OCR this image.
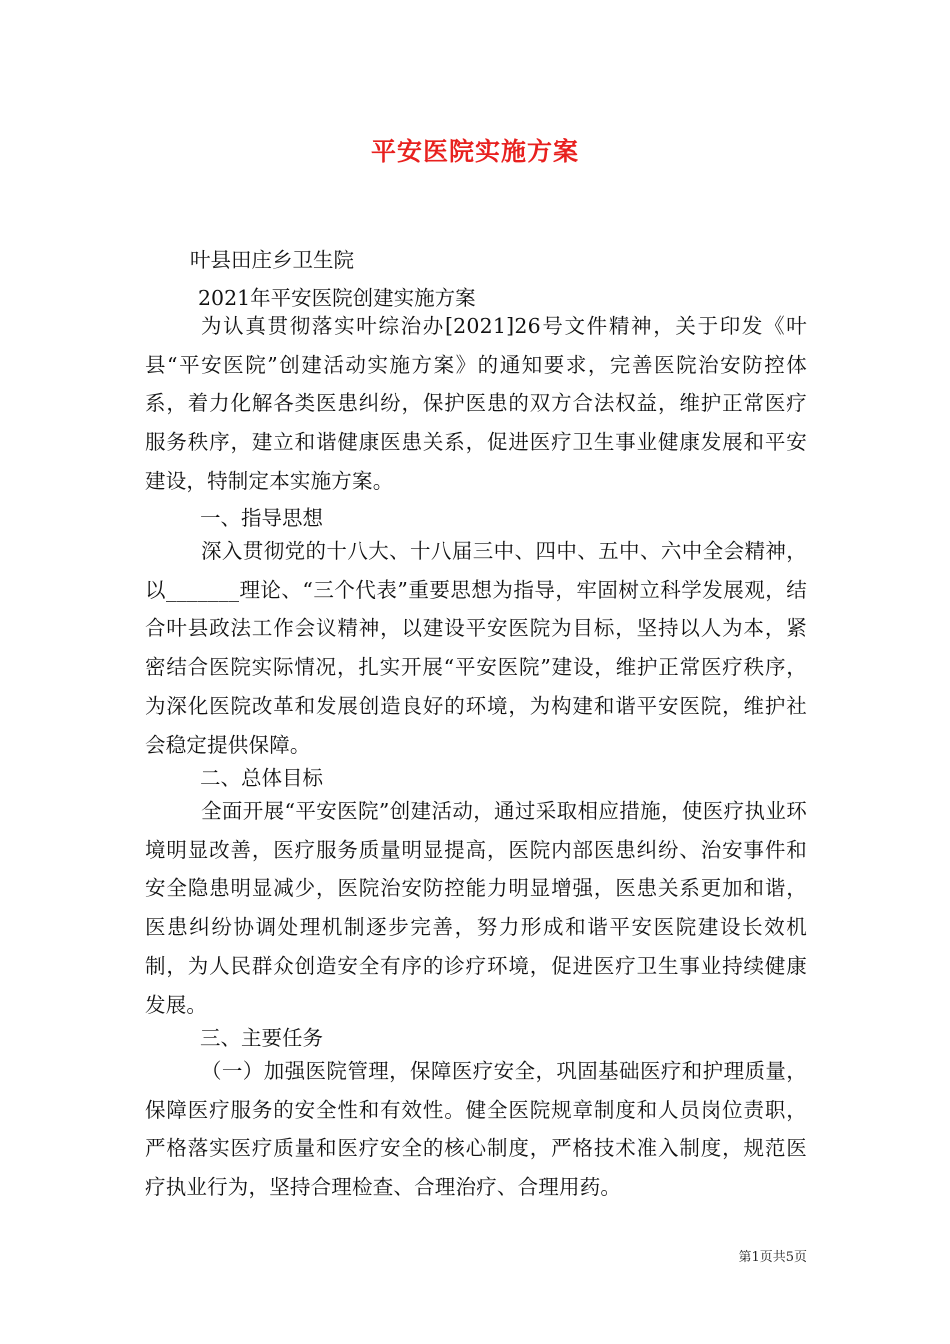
平安医院实施方案
叶县田庄乡卫生院
2021年平安医院创建实施方案
为认真贯彻落实叶综治办[2021]26号文件精神，关于印发《叶县“平安医院”创建活动实施方案》的通知要求，完善医院治安防控体系，着力化解各类医患纠纷，保护医患的双方合法权益，维护正常医疗服务秩序，建立和谐健康医患关系，促进医疗卫生事业健康发展和平安建设，特制定本实施方案。
一、指导思想
深入贯彻党的十八大、十八届三中、四中、五中、六中全会精神，以_______理论、“三个代表”重要思想为指导，牢固树立科学发展观，结合叶县政法工作会议精神，以建设平安医院为目标，坚持以人为本，紧密结合医院实际情况，扎实开展“平安医院”建设，维护正常医疗秩序，为深化医院改革和发展创造良好的环境，为构建和谐平安医院，维护社会稳定提供保障。
二、总体目标
全面开展“平安医院”创建活动，通过采取相应措施，使医疗执业环境明显改善，医疗服务质量明显提高，医院内部医患纠纷、治安事件和安全隐患明显减少，医院治安防控能力明显增强，医患关系更加和谐，医患纠纷协调处理机制逐步完善，努力形成和谐平安医院建设长效机制，为人民群众创造安全有序的诊疗环境，促进医疗卫生事业持续健康发展。
三、主要任务
（一）加强医院管理，保障医疗安全，巩固基础医疗和护理质量，保障医疗服务的安全性和有效性。健全医院规章制度和人员岗位责职，严格落实医疗质量和医疗安全的核心制度，严格技术准入制度，规范医疗执业行为，坚持合理检查、合理治疗、合理用药。
第1页共5页
